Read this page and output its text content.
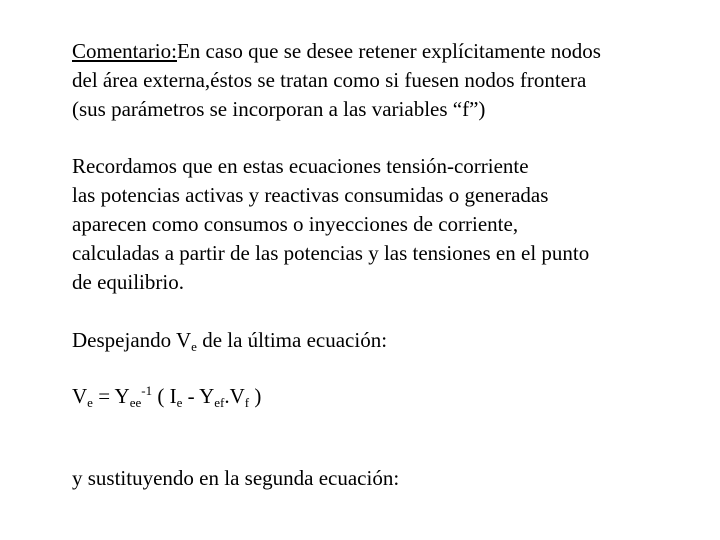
Comentario:En caso que se desee retener explícitamente nodos
del área externa,éstos se tratan como si fuesen nodos frontera
(sus parámetros se incorporan a las variables “f”)

Recordamos que en estas ecuaciones tensión-corriente
las potencias activas y reactivas consumidas o generadas
aparecen como consumos o inyecciones de corriente,
calculadas a partir de las potencias y las tensiones en el punto
de equilibrio.

Despejando $V_e$ de la última ecuación:

$V_e = Y_{ee}^{-1}$ ( $I_e - Y_{ef}.V_f$ )

y sustituyendo en la segunda ecuación:
